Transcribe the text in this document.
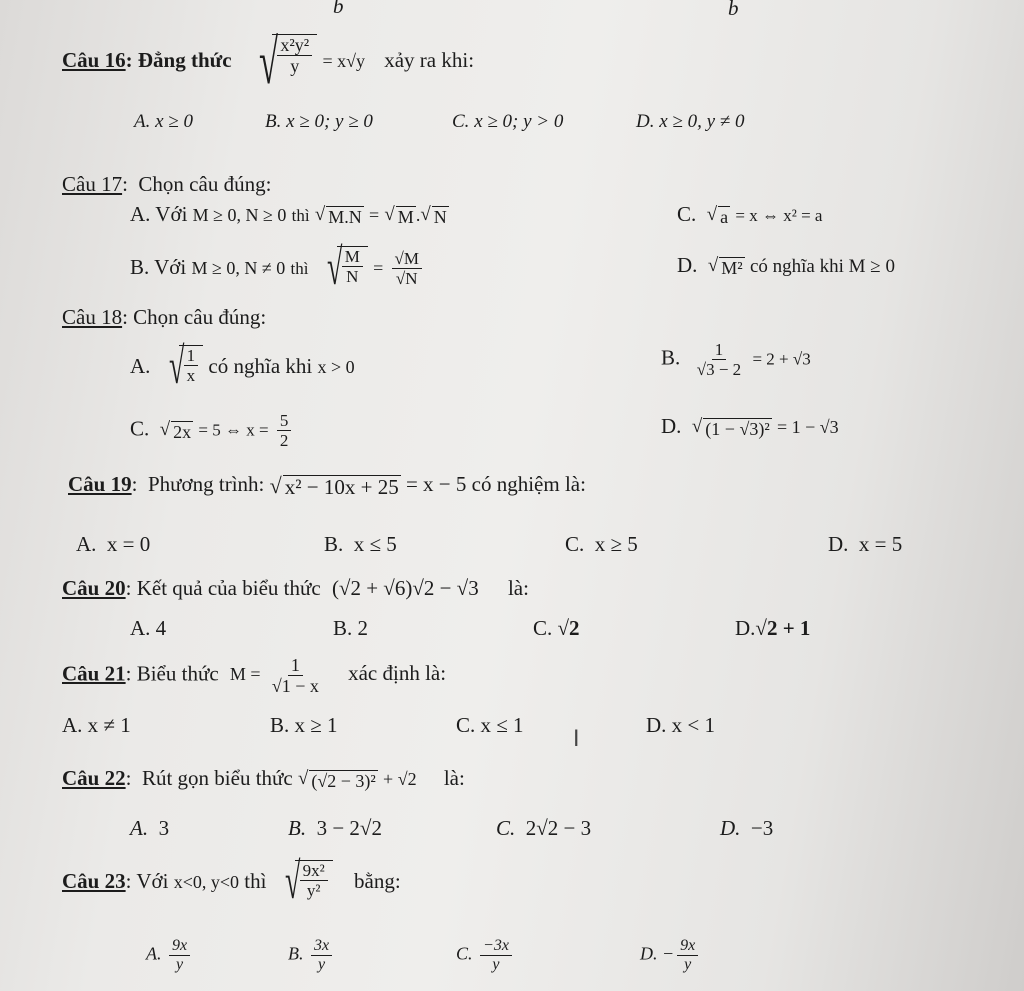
b	b
Câu 16: Đẳng thức √ $\frac{\text{x²y²}}{y} = x√y$ xảy ra khi:
A. x ≥ 0	B. x ≥ 0; y ≥ 0	C. x ≥ 0; y > 0	D. x ≥ 0, y ≠ 0
Câu 17:  Chọn câu đúng:
A. Với M ≥ 0, N ≥ 0 thì √ M.N = √ M . √ N	C. √ a = x ⇔ x² = a
B. Với M ≥ 0, N ≠ 0 thì √ $\frac{M}{N} = \frac{√M}{√N}$	D. √ M² có nghĩa khi M ≥ 0
Câu 18: Chọn câu đúng:
A. √ $\frac{1}{x}$ có nghĩa khi x > 0	B. $\frac{1}{√3 - 2} = 2 + √3$
C. √ 2x = 5 ⇔ $x = \frac{5}{2}$	D. √ (1 − √3)² = 1 − √3
Câu 19:  Phương trình: √ x² − 10x + 25 = x − 5 có nghiệm là:
A. x = 0	B. x ≤ 5	C. x ≥ 5	D. x = 5
Câu 20: Kết quả của biểu thức (√2 + √6)√2 − √3 là:
A. 4	B. 2	C. √2	D.√2 + 1
Câu 21: Biểu thức $M = \frac{1}{√1 - x}$ xác định là:
A. x ≠ 1	B. x ≥ 1	C. x ≤ 1	D. x < 1
I
Câu 22:  Rút gọn biểu thức √ (√2 − 3)² + √2 là:
A. 3	B. 3 − 2√2	C. 2√2 − 3	D. −3
Câu 23: Với x<0, y<0 thì √ $\frac{\text{9x²}}{\text{y²}}$ bằng:
A. $\frac{9x}{y}$	B. $\frac{3x}{y}$	C. $\frac{-3x}{y}$	D. − $\frac{9x}{y}$
